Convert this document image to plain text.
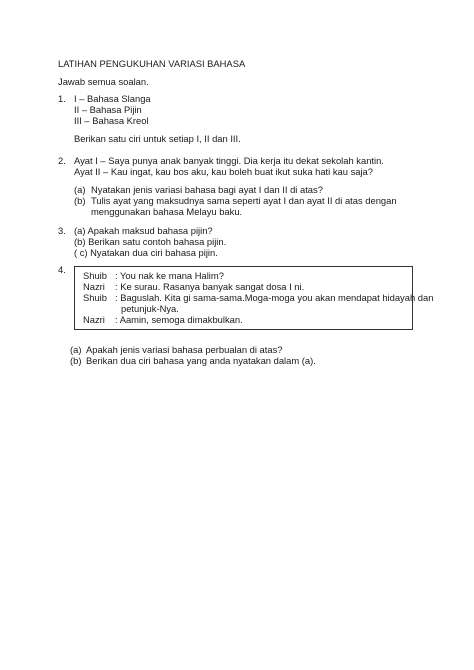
LATIHAN PENGUKUHAN VARIASI BAHASA
Jawab semua soalan.
1. I – Bahasa Slanga
II – Bahasa Pijin
III – Bahasa Kreol
Berikan satu ciri untuk setiap I, II dan III.
2. Ayat I – Saya punya anak banyak tinggi. Dia kerja itu dekat sekolah kantin.
Ayat II – Kau ingat, kau bos aku, kau boleh buat ikut suka hati kau saja?
(a) Nyatakan jenis variasi bahasa bagi ayat I dan II di atas?
(b) Tulis ayat yang maksudnya sama seperti ayat I dan ayat II di atas dengan
menggunakan bahasa Melayu baku.
3. (a) Apakah maksud bahasa pijin?
(b) Berikan satu contoh bahasa pijin.
( c) Nyatakan dua ciri bahasa pijin.
4.
Shuib : You nak ke mana Halim?
Nazri : Ke surau. Rasanya banyak sangat dosa I ni.
Shuib : Baguslah. Kita gi sama-sama.Moga-moga you akan mendapat hidayah dan
petunjuk-Nya.
Nazri : Aamin, semoga dimakbulkan.
(a) Apakah jenis variasi bahasa perbualan di atas?
(b) Berikan dua ciri bahasa yang anda nyatakan dalam (a).
